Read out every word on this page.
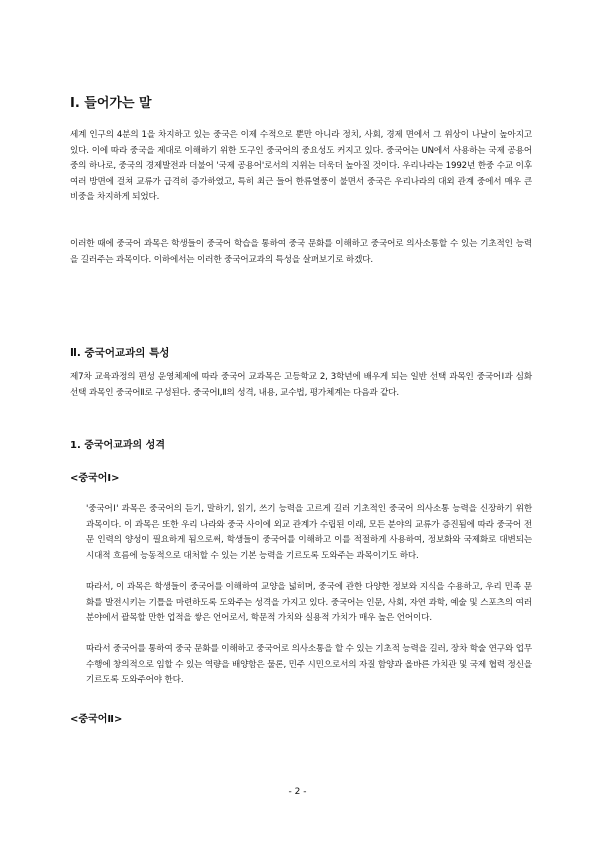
Ⅰ. 들어가는 말

세계 인구의 4분의 1을 차지하고 있는 중국은 이제 수적으로 뿐만 아니라 정치, 사회, 경제 면에서 그 위상이 나날이 높아지고 있다. 이에 따라 중국을 제대로 이해하기 위한 도구인 중국어의 중요성도 커지고 있다. 중국어는 UN에서 사용하는 국제 공용어 중의 하나로, 중국의 경제발전과 더불어 '국제 공용어'로서의 지위는 더욱더 높아질 것이다. 우리나라는 1992년 한중 수교 이후 여러 방면에 걸쳐 교류가 급격히 증가하였고, 특히 최근 들어 한류열풍이 불면서 중국은 우리나라의 대외 관계 중에서 매우 큰 비중을 차지하게 되었다.

이러한 때에 중국어 과목은 학생들이 중국어 학습을 통하여 중국 문화를 이해하고 중국어로 의사소통할 수 있는 기초적인 능력을 길러주는 과목이다. 이하에서는 이러한 중국어교과의 특성을 살펴보기로 하겠다.

Ⅱ. 중국어교과의 특성

제7차 교육과정의 편성 운영체제에 따라 중국어 교과목은 고등학교 2, 3학년에 배우게 되는 일반 선택 과목인 중국어Ⅰ과 심화 선택 과목인 중국어Ⅱ로 구성된다. 중국어Ⅰ,Ⅱ의 성격, 내용, 교수법, 평가체계는 다음과 같다.

1. 중국어교과의 성격
<중국어Ⅰ>

'중국어Ⅰ' 과목은 중국어의 듣기, 말하기, 읽기, 쓰기 능력을 고르게 길러 기초적인 중국어 의사소통 능력을 신장하기 위한 과목이다. 이 과목은 또한 우리 나라와 중국 사이에 외교 관계가 수립된 이래, 모든 분야의 교류가 증진됨에 따라 중국어 전문 인력의 양성이 필요하게 됨으로써, 학생들이 중국어를 이해하고 이를 적절하게 사용하여, 정보화와 국제화로 대변되는 시대적 흐름에 능동적으로 대처할 수 있는 기본 능력을 기르도록 도와주는 과목이기도 하다.

따라서, 이 과목은 학생들이 중국어를 이해하여 교양을 넓히며, 중국에 관한 다양한 정보와 지식을 수용하고, 우리 민족 문화를 발전시키는 기틀을 마련하도록 도와주는 성격을 가지고 있다. 중국어는 인문, 사회, 자연 과학, 예술 및 스포츠의 여러 분야에서 괄목할 만한 업적을 쌓은 언어로서, 학문적 가치와 실용적 가치가 매우 높은 언어이다.

따라서 중국어를 통하여 중국 문화를 이해하고 중국어로 의사소통을 할 수 있는 기초적 능력을 길러, 장차 학술 연구와 업무 수행에 창의적으로 임할 수 있는 역량을 배양함은 물론, 민주 시민으로서의 자질 함양과 올바른 가치관 및 국제 협력 정신을 기르도록 도와주어야 한다.

<중국어Ⅱ>

- 2 -
